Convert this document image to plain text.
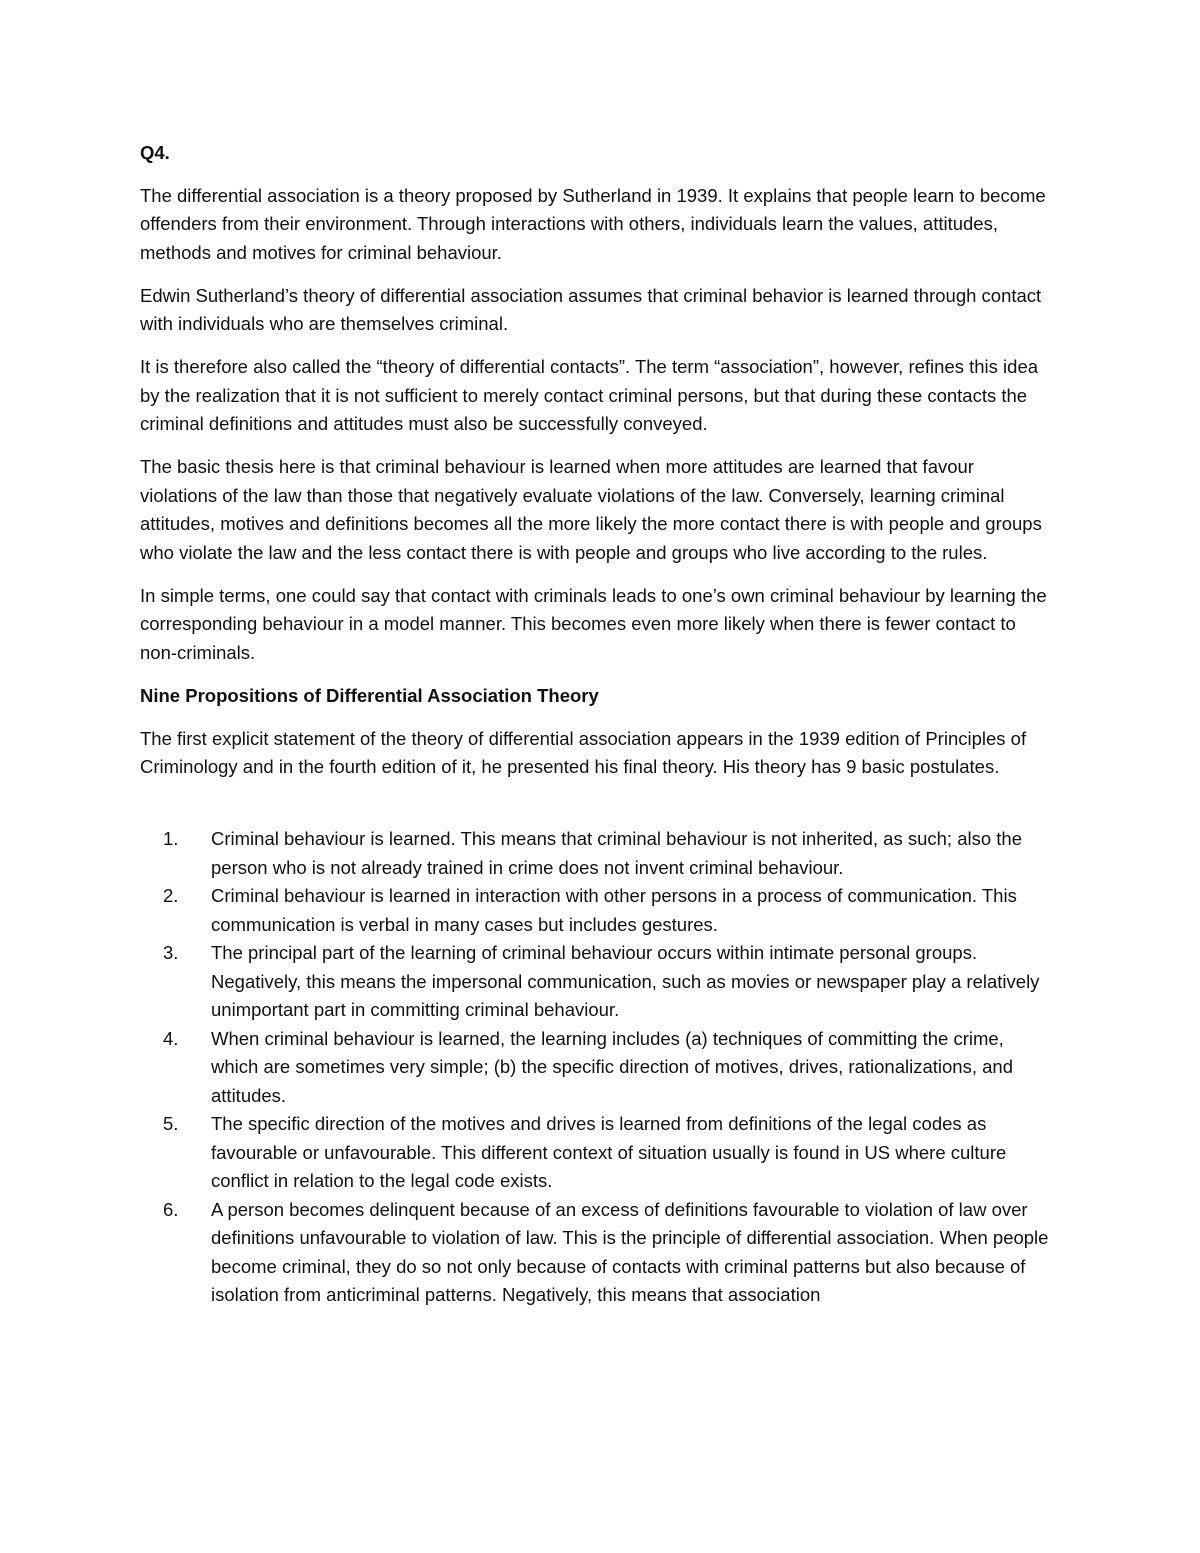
Q4.

The differential association is a theory proposed by Sutherland in 1939. It explains that people learn to become offenders from their environment. Through interactions with others, individuals learn the values, attitudes, methods and motives for criminal behaviour.

Edwin Sutherland’s theory of differential association assumes that criminal behavior is learned through contact with individuals who are themselves criminal.

It is therefore also called the “theory of differential contacts”. The term “association”, however, refines this idea by the realization that it is not sufficient to merely contact criminal persons, but that during these contacts the criminal definitions and attitudes must also be successfully conveyed.

The basic thesis here is that criminal behaviour is learned when more attitudes are learned that favour violations of the law than those that negatively evaluate violations of the law. Conversely, learning criminal attitudes, motives and definitions becomes all the more likely the more contact there is with people and groups who violate the law and the less contact there is with people and groups who live according to the rules.

In simple terms, one could say that contact with criminals leads to one’s own criminal behaviour by learning the corresponding behaviour in a model manner. This becomes even more likely when there is fewer contact to non-criminals.

Nine Propositions of Differential Association Theory

The first explicit statement of the theory of differential association appears in the 1939 edition of Principles of Criminology and in the fourth edition of it, he presented his final theory. His theory has 9 basic postulates.

1. Criminal behaviour is learned. This means that criminal behaviour is not inherited, as such; also the person who is not already trained in crime does not invent criminal behaviour.
2. Criminal behaviour is learned in interaction with other persons in a process of communication. This communication is verbal in many cases but includes gestures.
3. The principal part of the learning of criminal behaviour occurs within intimate personal groups. Negatively, this means the impersonal communication, such as movies or newspaper play a relatively unimportant part in committing criminal behaviour.
4. When criminal behaviour is learned, the learning includes (a) techniques of committing the crime, which are sometimes very simple; (b) the specific direction of motives, drives, rationalizations, and attitudes.
5. The specific direction of the motives and drives is learned from definitions of the legal codes as favourable or unfavourable. This different context of situation usually is found in US where culture conflict in relation to the legal code exists.
6. A person becomes delinquent because of an excess of definitions favourable to violation of law over definitions unfavourable to violation of law. This is the principle of differential association. When people become criminal, they do so not only because of contacts with criminal patterns but also because of isolation from anticriminal patterns. Negatively, this means that association
